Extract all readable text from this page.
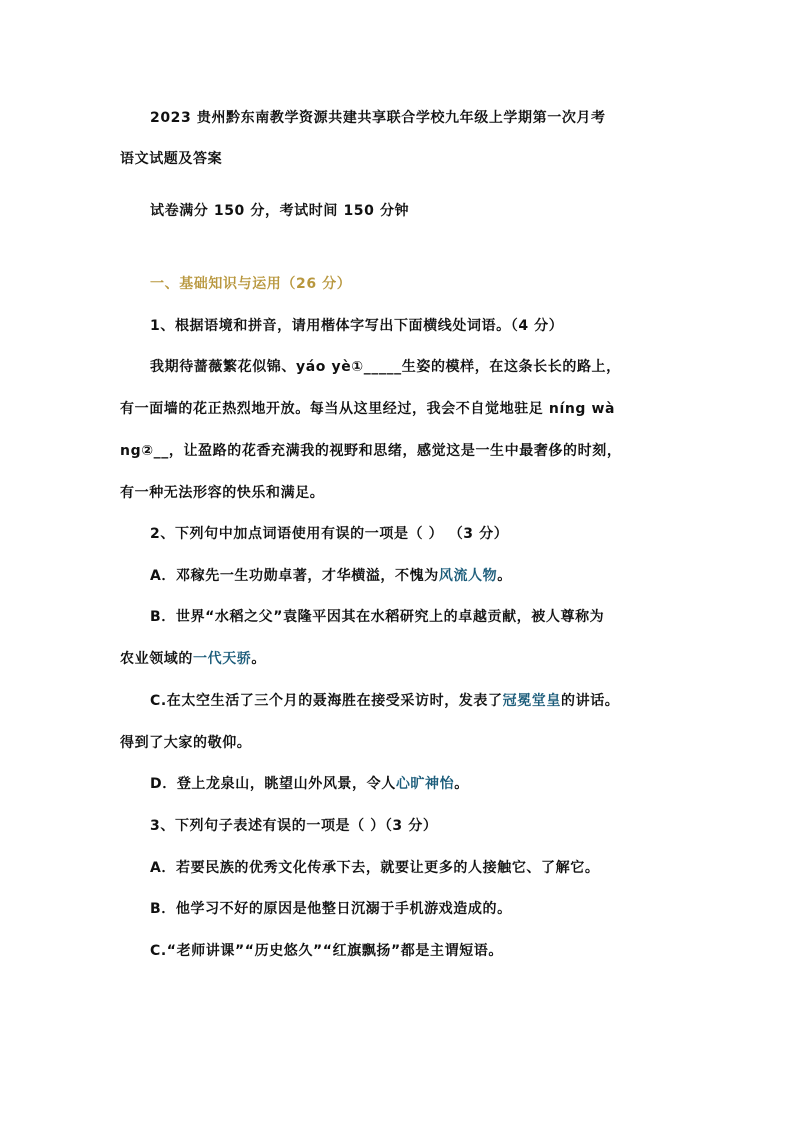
2023 贵州黔东南教学资源共建共享联合学校九年级上学期第一次月考
语文试题及答案
试卷满分 150 分，考试时间 150 分钟
一、基础知识与运用（26 分）
1、根据语境和拼音，请用楷体字写出下面横线处词语。（4 分）
我期待蔷薇繁花似锦、yáo yè①_____生姿的模样，在这条长长的路上，
有一面墙的花正热烈地开放。每当从这里经过，我会不自觉地驻足 níng wà
ng②__，让盈路的花香充满我的视野和思绪，感觉这是一生中最奢侈的时刻，
有一种无法形容的快乐和满足。
2、下列句中加点词语使用有误的一项是（ ） （3 分）
A．邓稼先一生功勋卓著，才华横溢，不愧为风流人物。
B．世界“水稻之父”袁隆平因其在水稻研究上的卓越贡献，被人尊称为
农业领域的一代天骄。
C.在太空生活了三个月的聂海胜在接受采访时，发表了冠冕堂皇的讲话。
得到了大家的敬仰。
D．登上龙泉山，眺望山外风景，令人心旷神怡。
3、下列句子表述有误的一项是（ ）（3 分）
A．若要民族的优秀文化传承下去，就要让更多的人接触它、了解它。
B．他学习不好的原因是他整日沉溺于手机游戏造成的。
C.“老师讲课”“历史悠久”“红旗飘扬”都是主谓短语。
